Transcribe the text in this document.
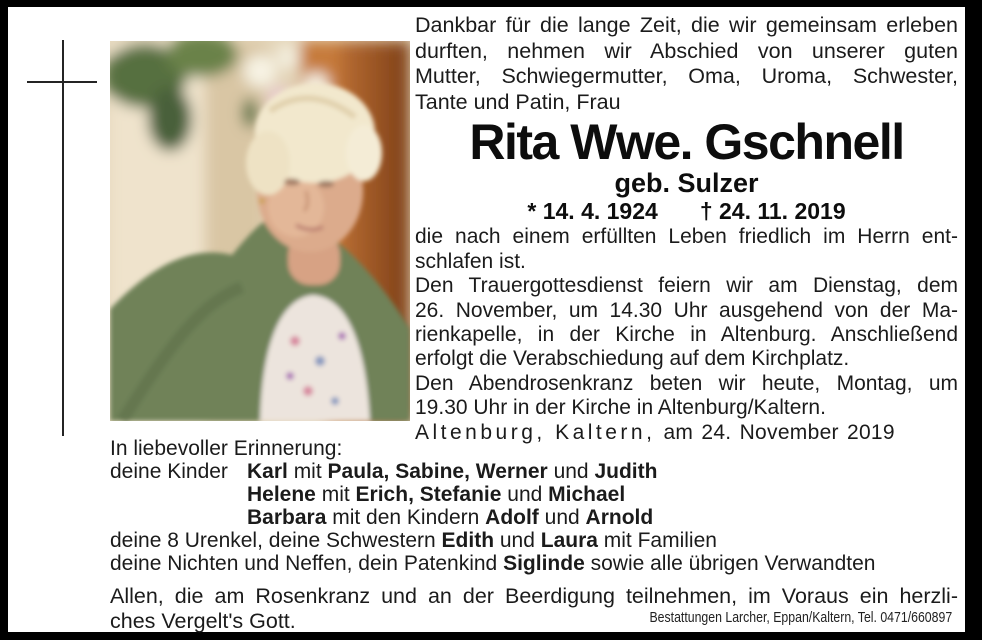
Dankbar für die lange Zeit, die wir gemeinsam erleben
durften, nehmen wir Abschied von unserer guten
Mutter, Schwiegermutter, Oma, Uroma, Schwester,
Tante und Patin, Frau
Rita Wwe. Gschnell
geb. Sulzer
* 14. 4. 1924 † 24. 11. 2019
die nach einem erfüllten Leben friedlich im Herrn ent-
schlafen ist.
Den Trauergottesdienst feiern wir am Dienstag, dem
26. November, um 14.30 Uhr ausgehend von der Ma-
rienkapelle, in der Kirche in Altenburg. Anschließend
erfolgt die Verabschiedung auf dem Kirchplatz.
Den Abendrosenkranz beten wir heute, Montag, um
19.30 Uhr in der Kirche in Altenburg/Kaltern.
Altenburg, Kaltern, am 24. November 2019
In liebevoller Erinnerung:
deine Kinder Karl mit Paula, Sabine, Werner und Judith
Helene mit Erich, Stefanie und Michael
Barbara mit den Kindern Adolf und Arnold
deine 8 Urenkel, deine Schwestern Edith und Laura mit Familien
deine Nichten und Neffen, dein Patenkind Siglinde sowie alle übrigen Verwandten
Allen, die am Rosenkranz und an der Beerdigung teilnehmen, im Voraus ein herzli-
ches Vergelt's Gott.	Bestattungen Larcher, Eppan/Kaltern, Tel. 0471/660897
